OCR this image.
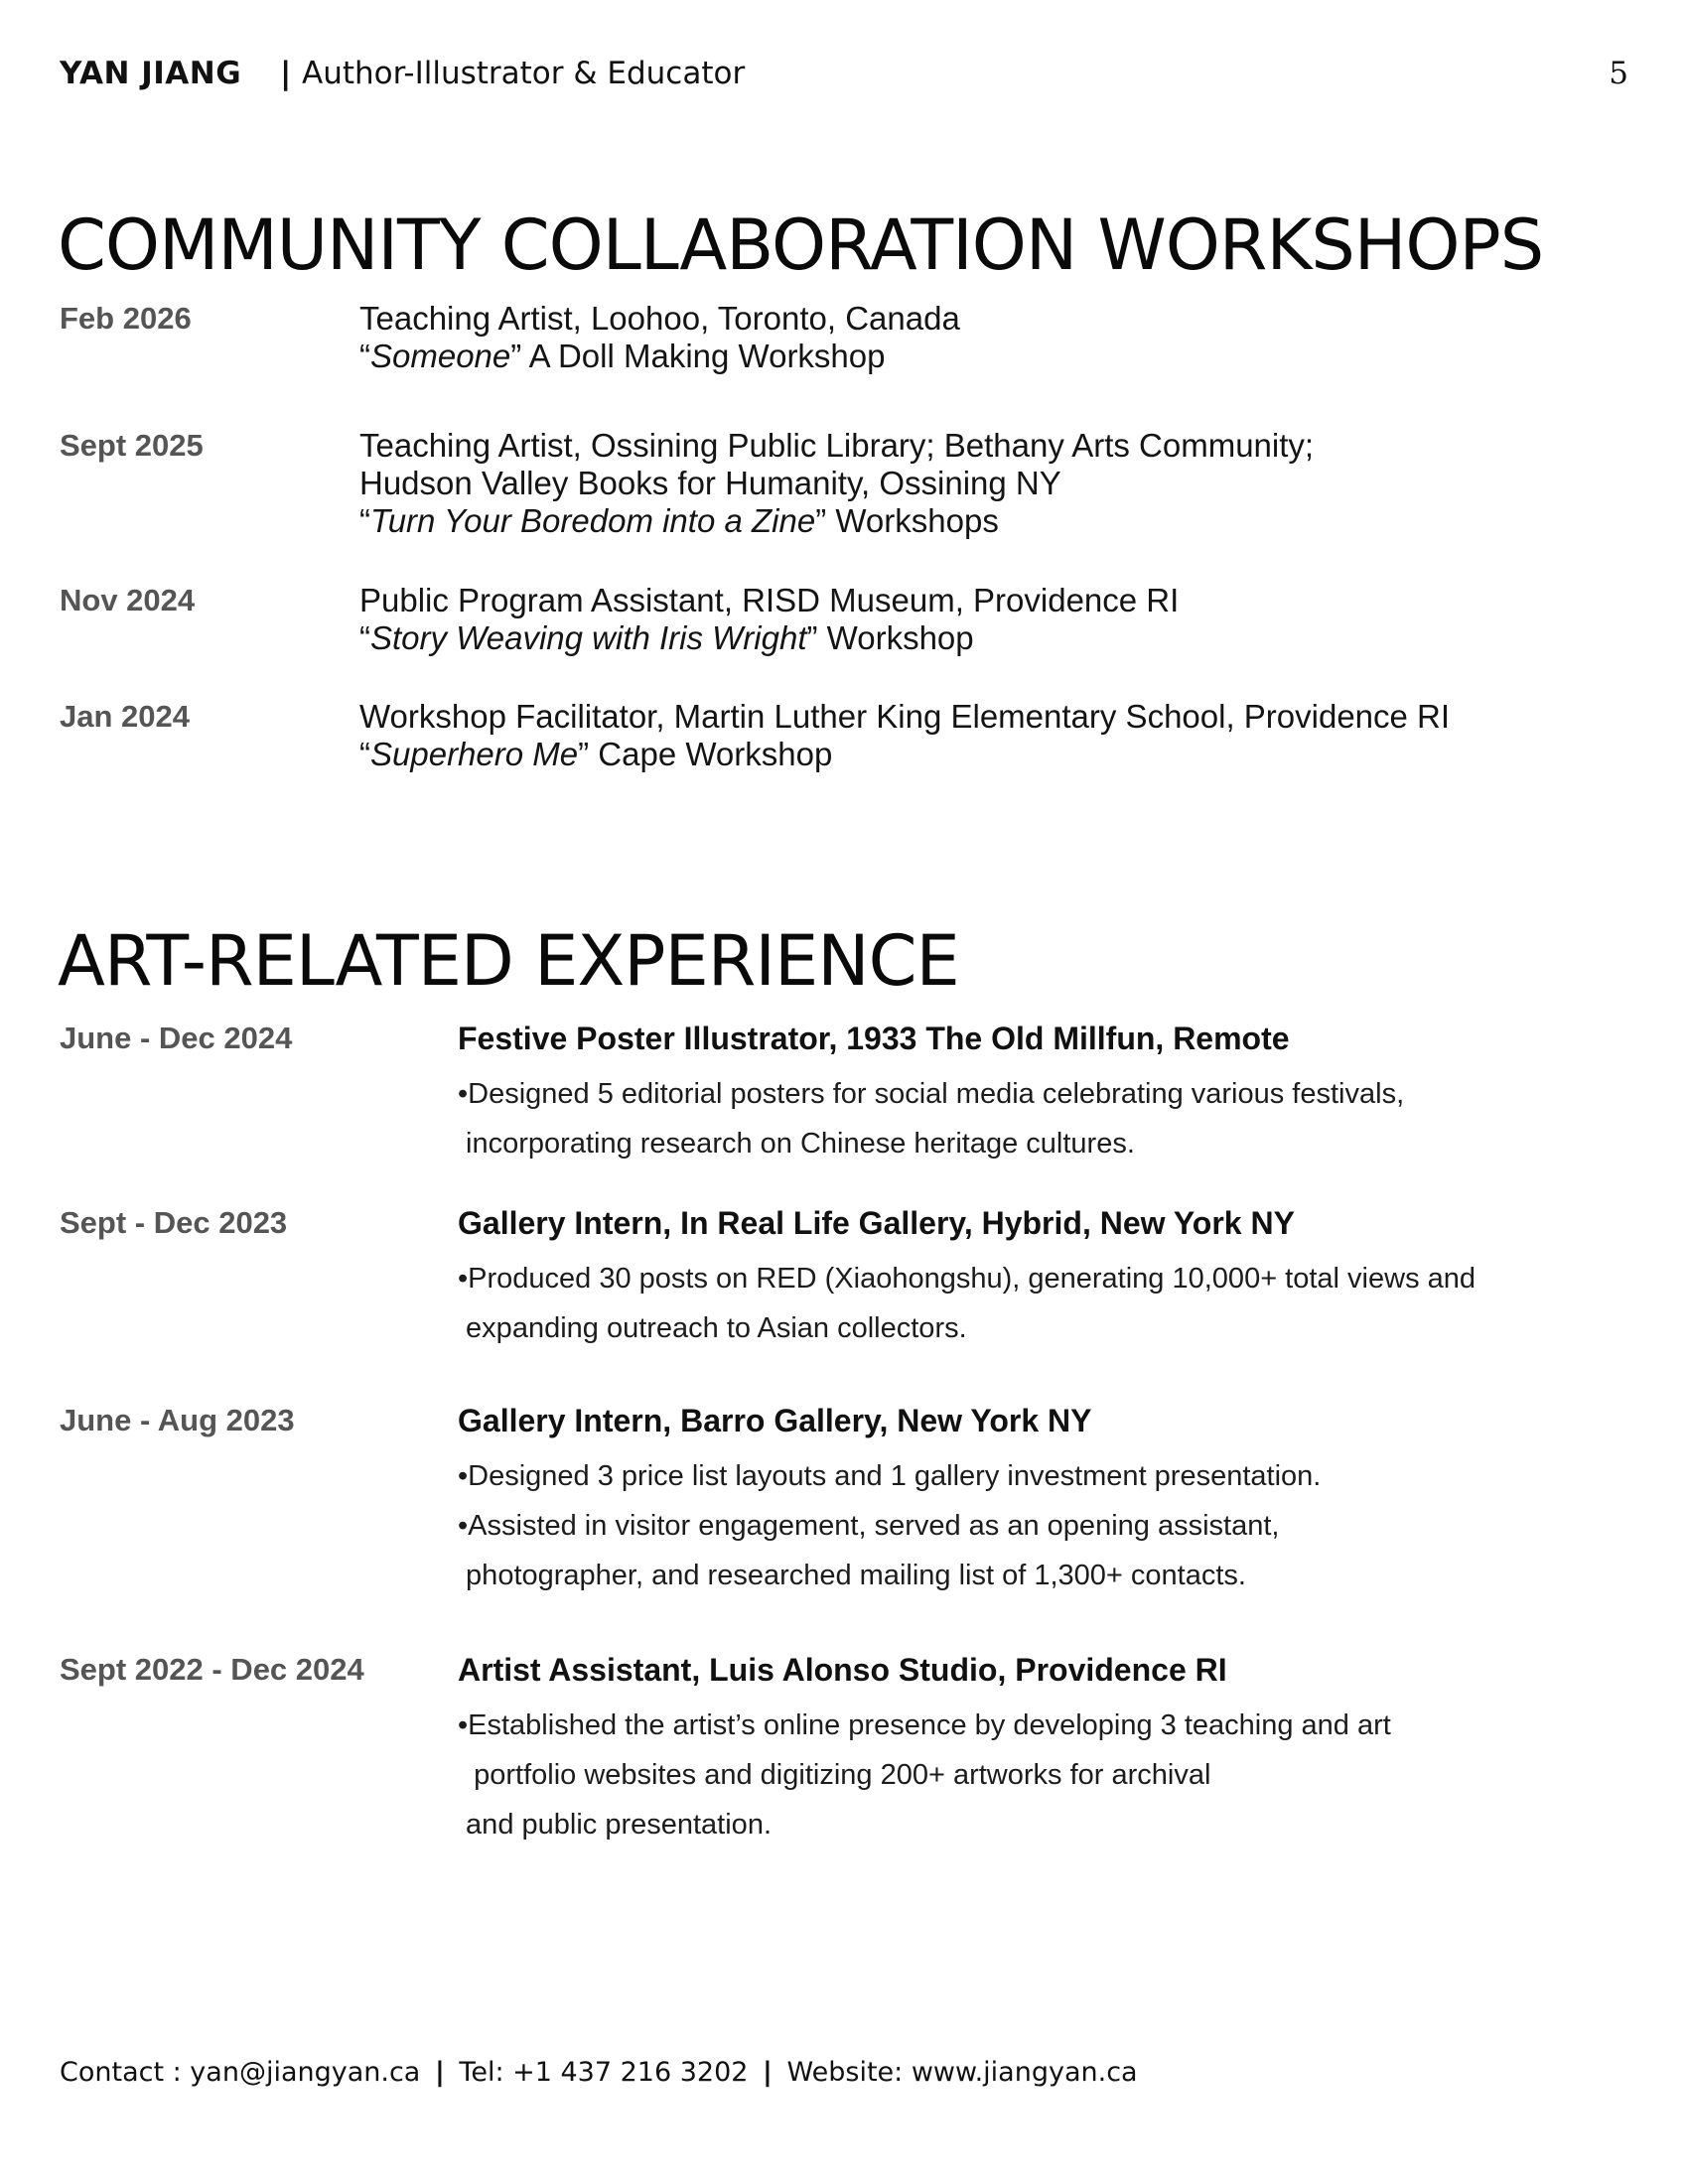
YAN JIANG | Author-Illustrator & Educator	5
COMMUNITY COLLABORATION WORKSHOPS
Feb 2026	Teaching Artist, Loohoo, Toronto, Canada
“Someone” A Doll Making Workshop
Sept 2025	Teaching Artist, Ossining Public Library; Bethany Arts Community;
Hudson Valley Books for Humanity, Ossining NY
“Turn Your Boredom into a Zine” Workshops
Nov 2024	Public Program Assistant, RISD Museum, Providence RI
“Story Weaving with Iris Wright” Workshop
Jan 2024	Workshop Facilitator, Martin Luther King Elementary School, Providence RI
“Superhero Me” Cape Workshop
ART-RELATED EXPERIENCE
June - Dec 2024	Festive Poster Illustrator, 1933 The Old Millfun, Remote
•Designed 5 editorial posters for social media celebrating various festivals,
incorporating research on Chinese heritage cultures.
Sept - Dec 2023	Gallery Intern, In Real Life Gallery, Hybrid, New York NY
•Produced 30 posts on RED (Xiaohongshu), generating 10,000+ total views and
expanding outreach to Asian collectors.
June - Aug 2023	Gallery Intern, Barro Gallery, New York NY
•Designed 3 price list layouts and 1 gallery investment presentation.
•Assisted in visitor engagement, served as an opening assistant,
photographer, and researched mailing list of 1,300+ contacts.
Sept 2022 - Dec 2024	Artist Assistant, Luis Alonso Studio, Providence RI
•Established the artist’s online presence by developing 3 teaching and art
portfolio websites and digitizing 200+ artworks for archival
and public presentation.
Contact : yan@jiangyan.ca | Tel: +1 437 216 3202 | Website: www.jiangyan.ca
